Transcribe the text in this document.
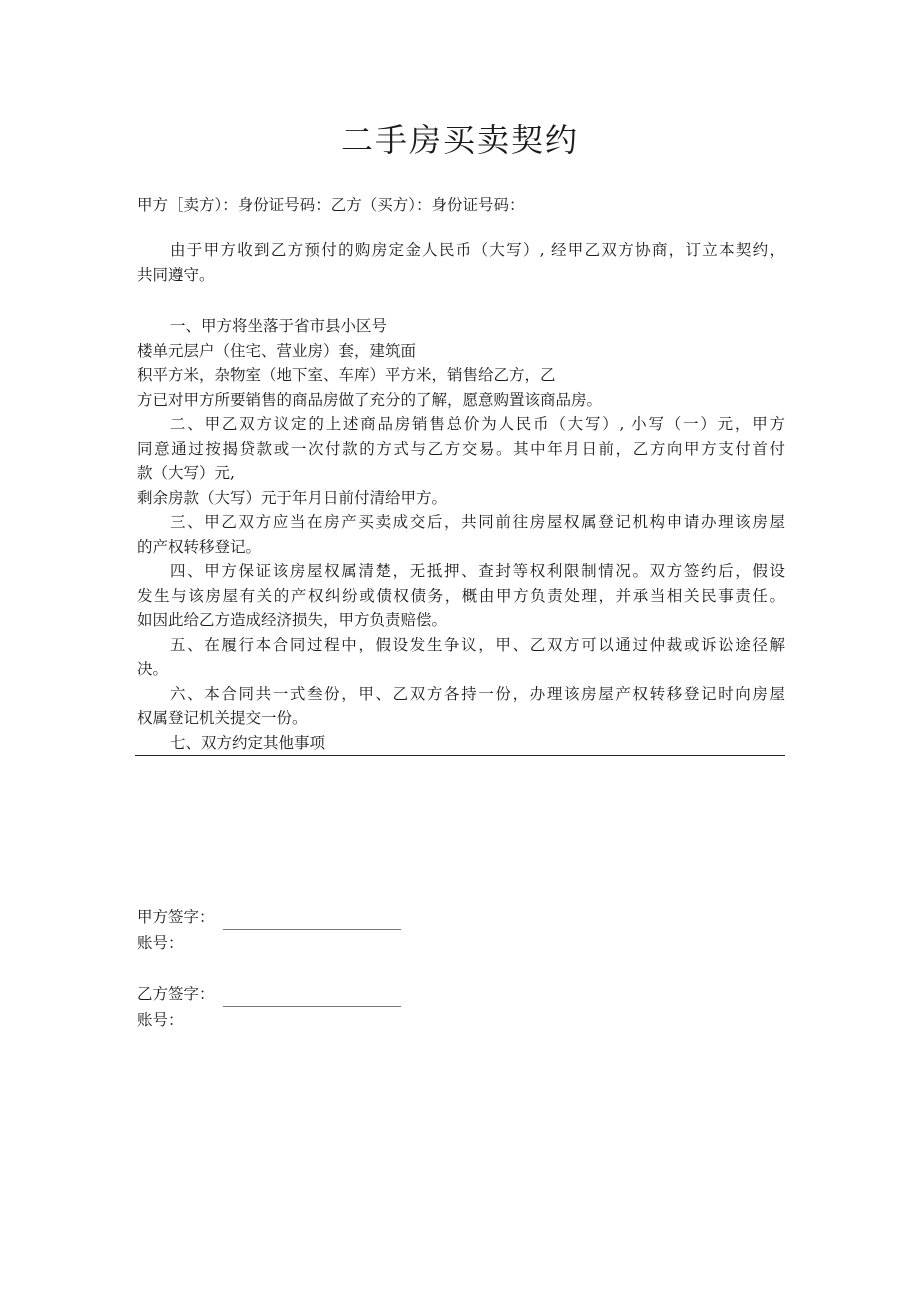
二手房买卖契约
甲方［卖方）：身份证号码：乙方（买方）：身份证号码：
由于甲方收到乙方预付的购房定金人民币（大写）, 经甲乙双方协商，订立本契约，
共同遵守。
一、甲方将坐落于省市县小区号
楼单元层户（住宅、营业房）套，建筑面
积平方米，杂物室（地下室、车库）平方米，销售给乙方，乙
方已对甲方所要销售的商品房做了充分的了解，愿意购置该商品房。
二、甲乙双方议定的上述商品房销售总价为人民币（大写）, 小写（一）元，甲方
同意通过按揭贷款或一次付款的方式与乙方交易。其中年月日前，乙方向甲方支付首付
款（大写）元,
剩余房款（大写）元于年月日前付清给甲方。
三、甲乙双方应当在房产买卖成交后，共同前往房屋权属登记机构申请办理该房屋
的产权转移登记。
四、甲方保证该房屋权属清楚，无抵押、查封等权利限制情况。双方签约后，假设
发生与该房屋有关的产权纠纷或债权债务，概由甲方负责处理，并承当相关民事责任。
如因此给乙方造成经济损失，甲方负责赔偿。
五、在履行本合同过程中，假设发生争议，甲、乙双方可以通过仲裁或诉讼途径解
决。
六、本合同共一式叁份，甲、乙双方各持一份，办理该房屋产权转移登记时向房屋
权属登记机关提交一份。
七、双方约定其他事项
甲方签字：
账号：
乙方签字：
账号：
